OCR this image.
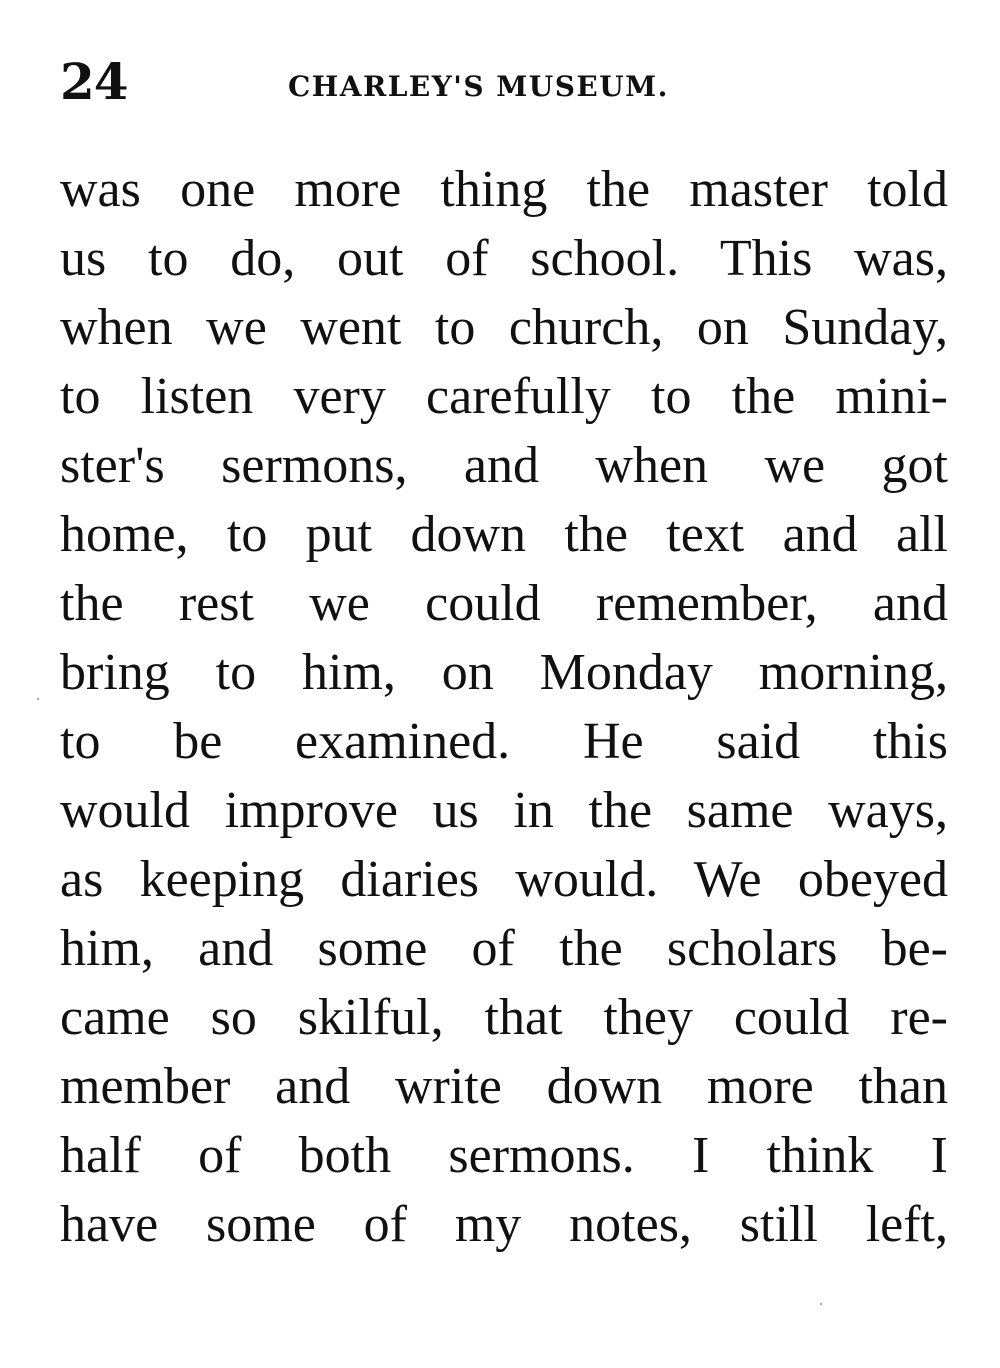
24	CHARLEY'S MUSEUM.
was one more thing the master told
us to do, out of school. This was,
when we went to church, on Sunday,
to listen very carefully to the mini-
ster's sermons, and when we got
home, to put down the text and all
the rest we could remember, and
bring to him, on Monday morning,
to be examined. He said this
would improve us in the same ways,
as keeping diaries would. We obeyed
him, and some of the scholars be-
came so skilful, that they could re-
member and write down more than
half of both sermons. I think I
have some of my notes, still left,
